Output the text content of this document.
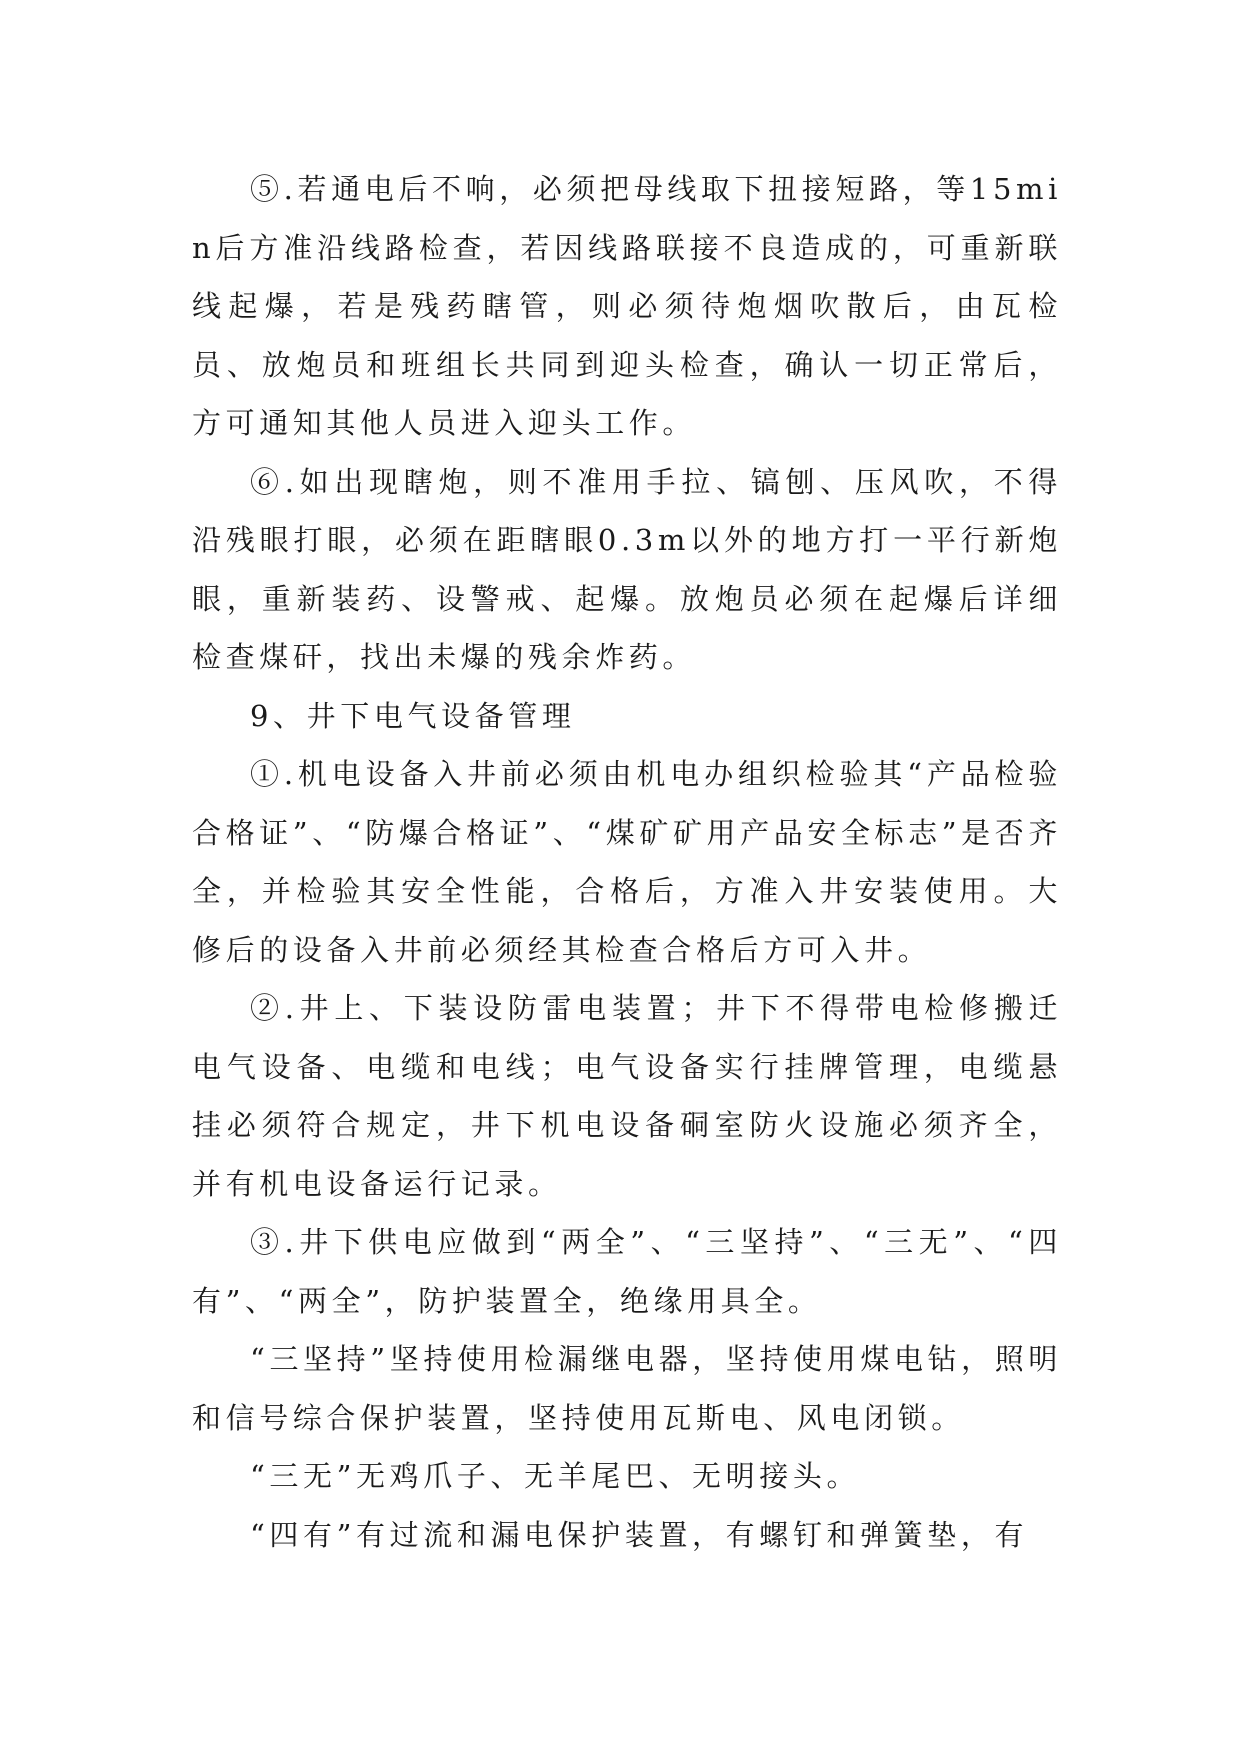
⑤.若通电后不响，必须把母线取下扭接短路，等15min后方准沿线路检查，若因线路联接不良造成的，可重新联线起爆，若是残药瞎管，则必须待炮烟吹散后，由瓦检员、放炮员和班组长共同到迎头检查，确认一切正常后，方可通知其他人员进入迎头工作。

⑥.如出现瞎炮，则不准用手拉、镐刨、压风吹，不得沿残眼打眼，必须在距瞎眼0.3m以外的地方打一平行新炮眼，重新装药、设警戒、起爆。放炮员必须在起爆后详细检查煤矸，找出未爆的残余炸药。

9、井下电气设备管理

①.机电设备入井前必须由机电办组织检验其“产品检验合格证”、“防爆合格证”、“煤矿矿用产品安全标志”是否齐全，并检验其安全性能，合格后，方准入井安装使用。大修后的设备入井前必须经其检查合格后方可入井。

②.井上、下装设防雷电装置；井下不得带电检修搬迁电气设备、电缆和电线；电气设备实行挂牌管理，电缆悬挂必须符合规定，井下机电设备硐室防火设施必须齐全，并有机电设备运行记录。

③.井下供电应做到“两全”、“三坚持”、“三无”、“四有”、“两全”，防护装置全，绝缘用具全。

“三坚持”坚持使用检漏继电器，坚持使用煤电钻，照明和信号综合保护装置，坚持使用瓦斯电、风电闭锁。

“三无”无鸡爪子、无羊尾巴、无明接头。

“四有”有过流和漏电保护装置，有螺钉和弹簧垫，有
